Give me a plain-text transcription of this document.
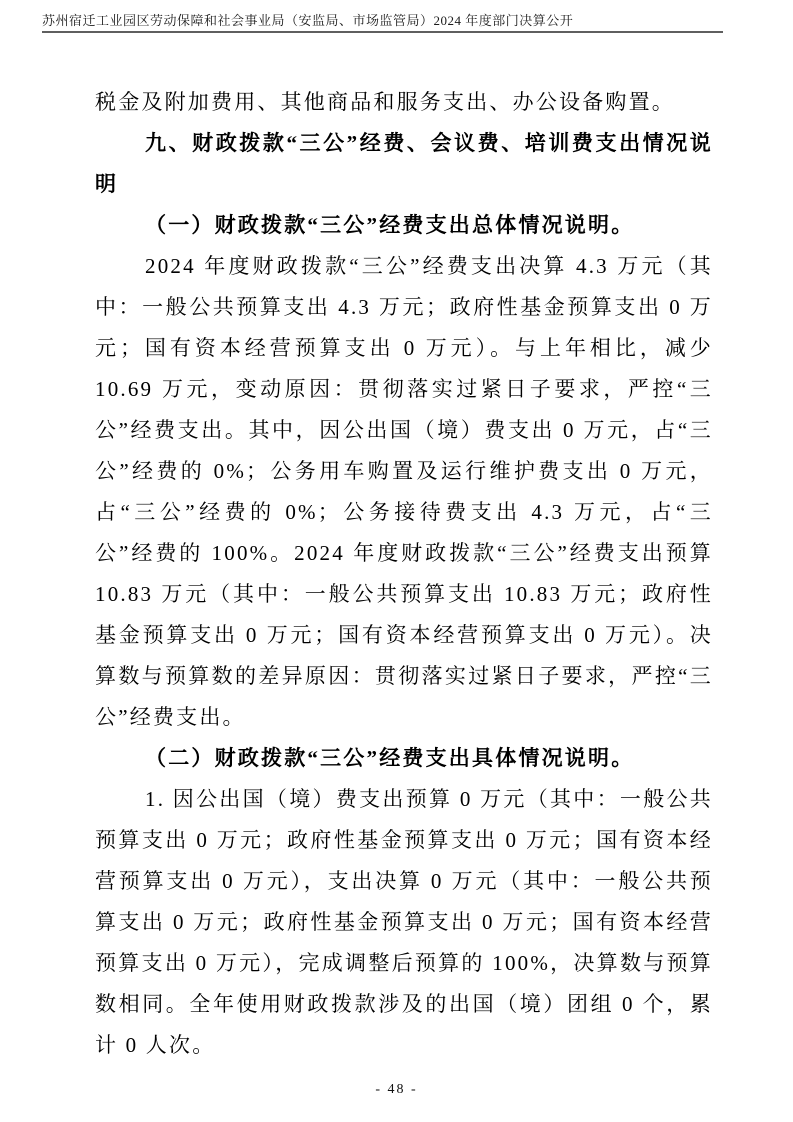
苏州宿迁工业园区劳动保障和社会事业局（安监局、市场监管局）2024 年度部门决算公开
税金及附加费用、其他商品和服务支出、办公设备购置。
九、财政拨款“三公”经费、会议费、培训费支出情况说明
（一）财政拨款“三公”经费支出总体情况说明。
2024 年度财政拨款“三公”经费支出决算 4.3 万元（其中：一般公共预算支出 4.3 万元；政府性基金预算支出 0 万元；国有资本经营预算支出 0 万元）。与上年相比，减少 10.69 万元，变动原因：贯彻落实过紧日子要求，严控“三公”经费支出。其中，因公出国（境）费支出 0 万元，占“三公”经费的 0%；公务用车购置及运行维护费支出 0 万元，占“三公”经费的 0%；公务接待费支出 4.3 万元，占“三公”经费的 100%。2024 年度财政拨款“三公”经费支出预算 10.83 万元（其中：一般公共预算支出 10.83 万元；政府性基金预算支出 0 万元；国有资本经营预算支出 0 万元）。决算数与预算数的差异原因：贯彻落实过紧日子要求，严控“三公”经费支出。
（二）财政拨款“三公”经费支出具体情况说明。
1. 因公出国（境）费支出预算 0 万元（其中：一般公共预算支出 0 万元；政府性基金预算支出 0 万元；国有资本经营预算支出 0 万元），支出决算 0 万元（其中：一般公共预算支出 0 万元；政府性基金预算支出 0 万元；国有资本经营预算支出 0 万元），完成调整后预算的 100%，决算数与预算数相同。全年使用财政拨款涉及的出国（境）团组 0 个，累计 0 人次。
- 48 -
